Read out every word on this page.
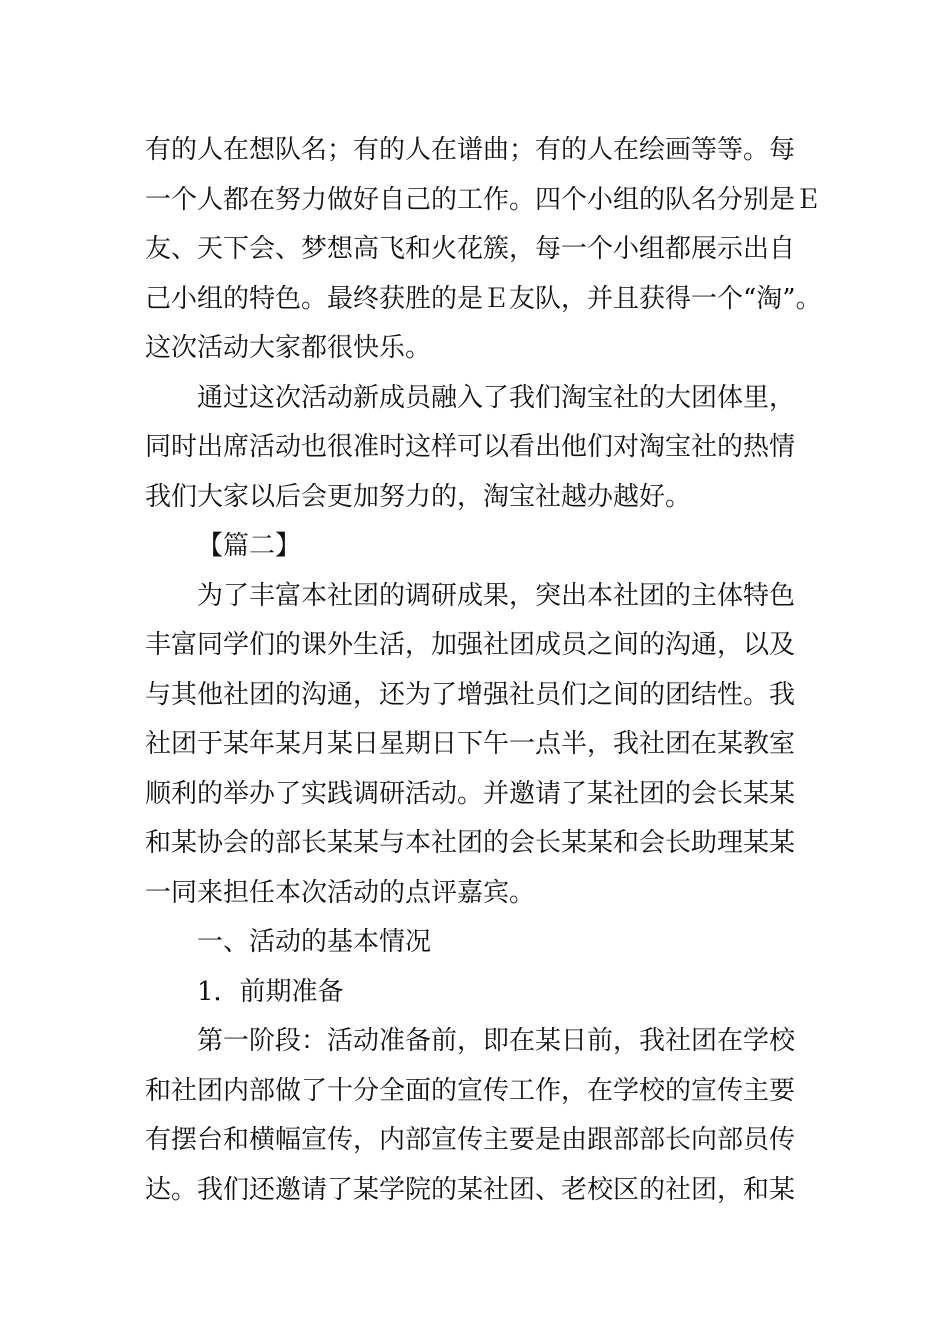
有的人在想队名；有的人在谱曲；有的人在绘画等等。每
一个人都在努力做好自己的工作。四个小组的队名分别是Ｅ
友、天下会、梦想高飞和火花簇，每一个小组都展示出自
己小组的特色。最终获胜的是Ｅ友队，并且获得一个“淘”。
这次活动大家都很快乐。
通过这次活动新成员融入了我们淘宝社的大团体里，
同时出席活动也很准时这样可以看出他们对淘宝社的热情
我们大家以后会更加努力的，淘宝社越办越好。
【篇二】
为了丰富本社团的调研成果，突出本社团的主体特色
丰富同学们的课外生活，加强社团成员之间的沟通，以及
与其他社团的沟通，还为了增强社员们之间的团结性。我
社团于某年某月某日星期日下午一点半，我社团在某教室
顺利的举办了实践调研活动。并邀请了某社团的会长某某
和某协会的部长某某与本社团的会长某某和会长助理某某
一同来担任本次活动的点评嘉宾。
一、活动的基本情况
1．前期准备
第一阶段：活动准备前，即在某日前，我社团在学校
和社团内部做了十分全面的宣传工作，在学校的宣传主要
有摆台和横幅宣传，内部宣传主要是由跟部部长向部员传
达。我们还邀请了某学院的某社团、老校区的社团，和某
